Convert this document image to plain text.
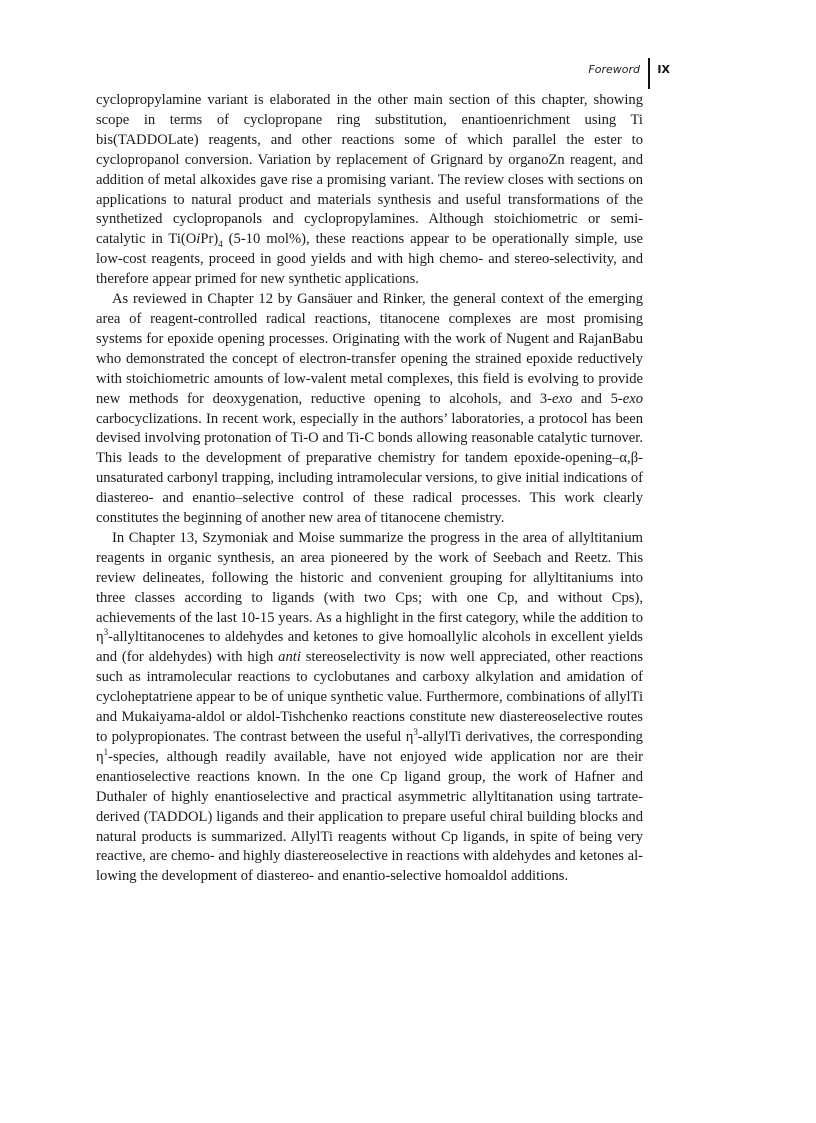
Foreword IX

cyclopropylamine variant is elaborated in the other main section of this chapter, showing scope in terms of cyclopropane ring substitution, enantioenrichment using Ti bis(TADDOLate) reagents, and other reactions some of which parallel the ester to cyclopropanol conversion. Variation by replacement of Grignard by organoZn reagent, and addition of metal alkoxides gave rise a promising variant. The review closes with sections on applications to natural product and materials synthesis and useful transformations of the synthetized cyclopropanols and cyclopropylamines. Although stoichiometric or semi-catalytic in $Ti(OiPr)_4$ (5-10 mol%), these reactions appear to be operationally simple, use low-cost reagents, proceed in good yields and with high chemo- and stereo-selectivity, and therefore appear primed for new synthetic applications.

As reviewed in Chapter 12 by Gansäuer and Rinker, the general context of the emerging area of reagent-controlled radical reactions, titanocene complexes are most promising systems for epoxide opening processes. Originating with the work of Nugent and RajanBabu who demonstrated the concept of electron-transfer opening the strained epoxide reductively with stoichiometric amounts of low-valent metal complexes, this field is evolving to provide new methods for deoxygenation, reductive opening to alcohols, and 3-exo and 5-exo carbocyclizations. In recent work, especially in the authors’ laboratories, a protocol has been devised involving protonation of Ti-O and Ti-C bonds allowing reasonable catalytic turnover. This leads to the development of preparative chemistry for tandem epoxide-opening–α,β-unsaturated carbonyl trapping, including intramolecular versions, to give initial indications of diastereo- and enantio–selective control of these radical processes. This work clearly constitutes the beginning of another new area of titanocene chemistry.

In Chapter 13, Szymoniak and Moise summarize the progress in the area of allyltitanium reagents in organic synthesis, an area pioneered by the work of Seebach and Reetz. This review delineates, following the historic and convenient grouping for allyltitaniums into three classes according to ligands (with two Cps; with one Cp, and without Cps), achievements of the last 10-15 years. As a highlight in the first category, while the addition to $\eta^3$-allyltitanocenes to aldehydes and ketones to give homoallylic alcohols in excellent yields and (for aldehydes) with high anti stereoselectivity is now well appreciated, other reactions such as intramolecular reactions to cyclobutanes and carboxy alkylation and amidation of cycloheptatriene appear to be of unique synthetic value. Furthermore, combinations of allylTi and Mukaiyama-aldol or aldol-Tishchenko reactions constitute new diastereoselective routes to polypropionates. The contrast between the useful $\eta^3$-allylTi derivatives, the corresponding $\eta^1$-species, although readily available, have not enjoyed wide application nor are their enantioselective reactions known. In the one Cp ligand group, the work of Hafner and Duthaler of highly enantioselective and practical asymmetric allyltitanation using tartrate-derived (TADDOL) ligands and their application to prepare useful chiral building blocks and natural products is summarized. AllylTi reagents without Cp ligands, in spite of being very reactive, are chemo- and highly diastereoselective in reactions with aldehydes and ketones allowing the development of diastereo- and enantio-selective homoaldol additions.
